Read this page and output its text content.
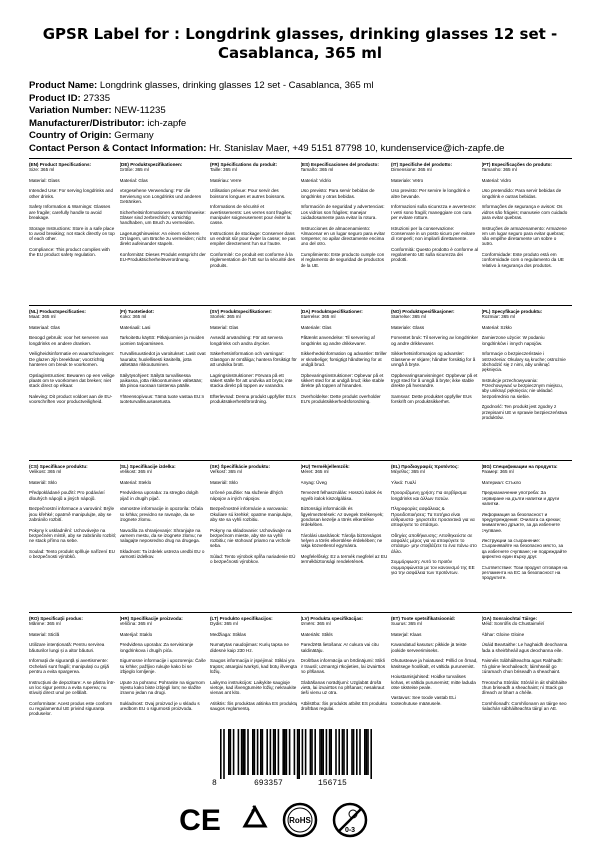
GPSR Label for : Longdrink glasses, drinking glasses 12 set - Casablanca, 365 ml
Product Name: Longdrink glasses, drinking glasses 12 set - Casablanca, 365 ml
Product ID: 27335
Variation Number: NEW-11235
Manufacturer/Distributor: ich-zapfe
Country of Origin: Germany
Contact Person & Contact Information: Hr. Stanislav Maer, +49 5151 87798 10, kundenservice@ich-zapfe.de

(EN) Product Specifications:

Size: 365 ml

Material: Glass

Intended Use: For serving longdrinks and other drinks.

Safety Information & Warnings: Glasses are fragile; carefully handle to avoid breakage.

Storage Instructions: Store in a safe place to avoid breaking; not stack directly on top of each other.

Compliance: This product complies with the EU product safety regulation.

(DE) Produktspezifikationen:

Größe: 365 ml

Material: Glas

Vorgesehene Verwendung: Für die Servierung von Longdrinks und anderen Getränken.

Sicherheitsinformationen & Warnhinweise: Gläser sind zerbrechlich; vorsichtig handhaben, um Bruch zu vermeiden.

Lagerungshinweise: An einem sicheren Ort lagern, um Brüche zu vermeiden; nicht direkt aufeinander stapeln.

Konformität: Dieses Produkt entspricht der EU-Produktsicherheitsverordnung.

(FR) Spécifications du produit:

Taille: 365 ml

Matériau: Verre

Utilisation prévue: Pour servir des boissons longues et autres boissons.

Informations de sécurité et avertissements: Les verres sont fragiles; manipuler soigneusement pour éviter la casse.

Instructions de stockage: Conserver dans un endroit sûr pour éviter la casse; ne pas empiler directement l'un sur l'autre.

Conformité: Ce produit est conforme à la réglementation de l'UE sur la sécurité des produits.

(ES) Especificaciones del producto:

Tamaño: 365 ml

Material: Vidrio

Uso previsto: Para servir bebidas de longdrinks y otras bebidas.

Información de seguridad y advertencias: Los vidrios son frágiles; manejar cuidadosamente para evitar la rotura.

Instrucciones de almacenamiento: Almacenar en un lugar seguro para evitar romperse; no apilar directamente encima uno del otro.

Cumplimiento: Este producto cumple con el reglamento de seguridad de productos de la UE.

(IT) Specifiche del prodotto:

Dimensione: 365 ml

Materiale: Vetro

Uso previsto: Per servire le longdrink e altre bevande.

Informazioni sulla sicurezza e avvertenze: I vetri sono fragili; maneggiare con cura per evitare rotture.

Istruzioni per la conservazione: Conservare in un posto sicuro per evitare di romperli; non impilarli direttamente.

Conformità: Questo prodotto è conforme al regolamento UE sulla sicurezza dei prodotti.

(PT) Especificações do produto:

Tamanho: 365 ml

Material: Vidro

Uso pretendido: Para servir bebidas de longdrink e outras bebidas.

Informações de segurança e avisos: Os vidros são frágeis; manuseie com cuidado para evitar quebras.

Instruções de armazenamento: Armazene em um lugar seguro para evitar quebras; não empilhe diretamente um sobre o outro.

Conformidade: Este produto está em conformidade com o regulamento da UE relativo à segurança dos produtos.

(NL) Productspecificaties:

Maat: 365 ml

Materiaal: Glas

Beoogd gebruik: voor het serveren van longdrinks en andere dranken.

Veiligheidsinformatie en waarschuwingen: De glazen zijn breekbaar; voorzichtig hanteren om breuk te voorkomen.

Opslaginstructies: Bewaren op een veilige plaats om te voorkomen dat breken; niet stack direct op elkaar.

Naleving: Dit product voldoet aan de EU-voorschriften voor productveiligheid.

(FI) Tuotetiedot:

Koko: 365 ml

Materiaali: Lasi

Tarkoitettu käyttö: Pitkäjuomien ja muiden juomien tarjoamiseen.

Turvallisuustiedot ja varoitukset: Lasit ovat hauraita; huolellisesti käsitellä, jotta vältetään rikkoutuminen.

Säilytysohjeet: Säilytä turvallisessa paikassa, jotta rikkoontuminen vältetään; älä pinoa suoraan toistensa päälle.

Yhteensopivuus: Tämä tuote vastaa EU:n tuoteturvallisuusasetusta.

(SV) Produktspecifikationer:

Storlek: 365 ml

Material: Glas

Avsedd användning: För att servera longdrinks och andra drycker.

Säkerhetsinformation och varningar: Glasögon är ömtåliga; hantera försiktigt för att undvika brott.

Lagringsinstruktioner: Förvara på ett säkert ställe för att undvika att bryta; inte stacka direkt på toppen av varandra.

Efterlevnad: Denna produkt uppfyller EU:s produktsäkerhetsförordning.

(DA) Produktspecifikationer:

Størrelse: 365 ml

Materiale: Glas

Påtænkt anvendelse: Til servering af longdrinks og andre drikkevarer.

Sikkerhedsinformation og advarsler: Briller er skrøbelige; forsigtigt håndtering for at undgå brud.

Opbevaringsinstruktioner: Opbevar på et sikkert sted for at undgå brud; ikke stable direkte på toppen af hinanden.

Overholdelse: Dette produkt overholder EU's produktsikkerhedsforordning.

(NO) Produktspesifikasjoner:

Størrelse: 365 ml

Materiale: Glass

Forventet bruk: Til servering av longdrinker og andre drikkevarer.

Sikkerhetsinformasjon og advarsler: Glassene er skjøre; håndter forsiktig for å unngå å bryte.

Oppbevaringsanvisninger: Oppbevar på et trygt sted for å unngå å bryte; ikke stable direkte på hverandre.

Samsvar: Dette produktet oppfyller EUs forskrift om produktsikkerhet.

(PL) Specyfikacje produktu:

Rozmiar: 365 ml

Materiał: Szkło

Zamierzone użycie: W podaniu longdrinków i innych napojów.

Informacje o bezpieczeństwie i ostrzeżenia: Okulary są kruche; ostrożnie obchodzić się z nimi, aby uniknąć pęknięcia.

Instrukcje przechowywania: Przechowywać w bezpiecznym miejscu, aby uniknąć pęknięcia; nie układać bezpośrednio na siebie.

Zgodność: Ten produkt jest zgodny z przepisami UE w sprawie bezpieczeństwa produktów.

(CS) Specifikace produktu:

Velikost: 365 ml

Materiál: Sklo

Předpokládané použití: Pro podávání dlouhých nápojů a jiných nápojů.

Bezpečnostní informace a varování: Brýle jsou křehké; opatrně manipulujte, aby se zabránilo rozbití.

Pokyny k uskladnění: Uchovávejte na bezpečném místě, aby se zabránilo rozbití; ne stack přímo na sebe.

Soulad: Tento produkt splňuje nařízení EU o bezpečnosti výrobků.

(SL) Specifikacije izdelka:

Velikost: 365 ml

Material: Steklo

Predvidena uporaba: za stregbo dolgih pijač in drugih pijač.

Varnostne informacije in opozorila: Očala so krhka; previdno se ravnajte, da se izognete zlomu.

Navodila za shranjevanje: Shranjujte na varnem mestu, da se izognete zlomu; ne nalagajte neposredno drug na drugega.

Skladnost: Ta izdelek ustreza uredbi EU o varnosti izdelkov.

(SK) Špecifikácie produktu:

Veľkosť: 365 ml

Materiál: Sklo

Určené použitie: Na služenie dlhých nápojov a iných nápojov.

Bezpečnostné informácie a varovania: Okuliare sú krehké; opatrne manipulujte, aby ste sa vyhli rozbitiu.

Pokyny na skladovanie: Uchovávajte na bezpečnom mieste, aby ste sa vyhli rozbitiu; nie stohovať priamo na vrchole seba.

Súlad: Tento výrobok spĺňa nariadenie EÚ o bezpečnosti výrobkov.

(HU) Termékjellemzők:

Méret: 365 ml

Anyag: Üveg

Tervezett felhasználás: Hosszú italok és egyéb italok kiszolgálása.

Biztonsági információk és figyelmeztetések: Az üvegek törékenyek; gondosan kezelje a törés elkerülése érdekében.

Tárolási utasítások: Tárolja biztonságos helyen a törés elkerülése érdekében; ne rakja közvetlenül egymásra.

Megfelelőség: Ez a termék megfelel az EU termékbiztonsági rendeletének.

(EL) Προδιαγραφές προϊόντος:

Μέγεθος: 365 ml

Υλικό: Γυαλί

Προοριζόμενη χρήση: Για σερβίρισμα longdrinks και άλλων ποτών.

Πληροφορίες ασφάλειας & Προειδοποιήσεις: Τα ποτήρια είναι εύθραυστα· χειριστείτε προσεκτικά για να αποφύγετε το σπάσιμο.

Οδηγίες αποθήκευσης: Αποθηκεύστε σε ασφαλές μέρος για να αποφύγετε το σπάσιμο· μην στοιβάζετε το ένα πάνω στο άλλο.

Συμμόρφωση: Αυτό το προϊόν συμμορφώνεται με τον κανονισμό της ΕΕ για την ασφάλεια των προϊόντων.

(BG) Спецификации на продукта:

Размер: 365 ml

Материал: Стъкло

Предназначение употреба: За сервиране на дълги напитки и други напитки.

Информация за безопасност и предупреждения: Очилата са крехки; внимателно дръжте, за да избегнете счупване.

Инструкции за съхранение: Съхранявайте на безопасно място, за да избегнете счупване; не подреждайте директно един върху друг.

Съответствие: Този продукт отговаря на регламента на ЕС за безопасност на продуктите.

(RO) Specificații produs:

Mărime: 365 ml

Material: Sticlă

Utilizare intenționată: Pentru servirea băuturilor lungi și a altor băuturi.

Informații de siguranță și avertismente: Ochelarii sunt fragili; manipulați cu grijă pentru a evita spargerea.

Instrucțiuni de depozitare: A se păstra într-un loc sigur pentru a evita ruperea; nu stivuiți direct unul pe celălalt.

Conformitate: Acest produs este conform cu regulamentul UE privind siguranța produselor.

(HR) Specifikacije proizvoda:

Veličina: 365 ml

Materijal: Staklo

Predviđena uporaba: Za servisiranje longdrinkova i drugih pića.

Sigurnosne informacije i upozorenja: Čaše su krhke; pažljivo rukujte kako bi se izbjeglo lomljenje.

Upute za pohranu: Pohranite na sigurnom mjestu kako biste izbjegli lom; ne slažite izravno jedan na drugi.

Sukladnost: Ovaj proizvod je u skladu s uredbom EU o sigurnosti proizvoda.

(LT) Produkto specifikacijos:

Dydis: 365 ml

Medžiaga: Stiklas

Numatytas naudojimas: Kurių tapsa ne didesnė kaip 230 Hz.

Saugos informacija ir įspėjimai: Stiklai yra trapūs; atsargiai tvarkyti, kad būtų išvengta lūžių.

Laikymo instrukcijos: Laikykite saugioje vietoje, kad išvengtumėte lūžių; nekraukite vienas ant kito.

Atitiktis: Šis produktas atitinka ES produktų saugos reglamentą.

(LV) Produkta specifikācijas:

Izmērs: 365 ml

Materiāls: Stikls

Paredzētā lietošana: Ar cukura vai citu saldinātāju.

Drošības informācija un brīdinājumi: Stikli ir trausli; uzmanīgi rīkojieties, lai izvairītos no plīšanas.

Glabāšanas norādījumi: Uzglabāt drošā vietā, lai izvairītos no plīšanas; nesakraut tieši vienu uz otra.

Atbilstība: Šis produkts atbilst ES produktu drošības regulai.

(ET) Toote spetsifikatsioonid:

Suurus: 365 ml

Materjal: Klaas

Kavandatud kasutus: pikkide jä teiste jookide serveerimiseks.

Ohutusteave ja hoiatused: Prillid on õrnad, käsitsege hoolikalt, et vältida purunemist.

Hoiustamisjuhised: Hoidke turvalises kohas, et vältida purunemist; mitte laduda otse üksteise peale.

Vastavus: See toode vastab ELi tooteohutuse määrusele.

(GA) Sonraíochtaí Táirge:

Méid: Sonrófis do Chustaiméirí

Ábhar: Gloine Gloine

Úsáid Beartaithe: Le haghaidh deochanna fada a sheirbheáil agus deochanna eile.

Faisnéis Sábháilteachta agus Rabhadh: Tá gloine leochaileach; láimhseáil go cúramach chun briseadh a sheachaint.

Treoracha Stórála: Stóráil in áit shábháilte chun briseadh a sheachaint; ní Stack go díreach ar bharr a chéile.

Comhlíonadh: Comhlíonann an táirge seo rialachán sábháilteachta táirgí an AE.

8	693357	156715
CE	RoHS
0-3
